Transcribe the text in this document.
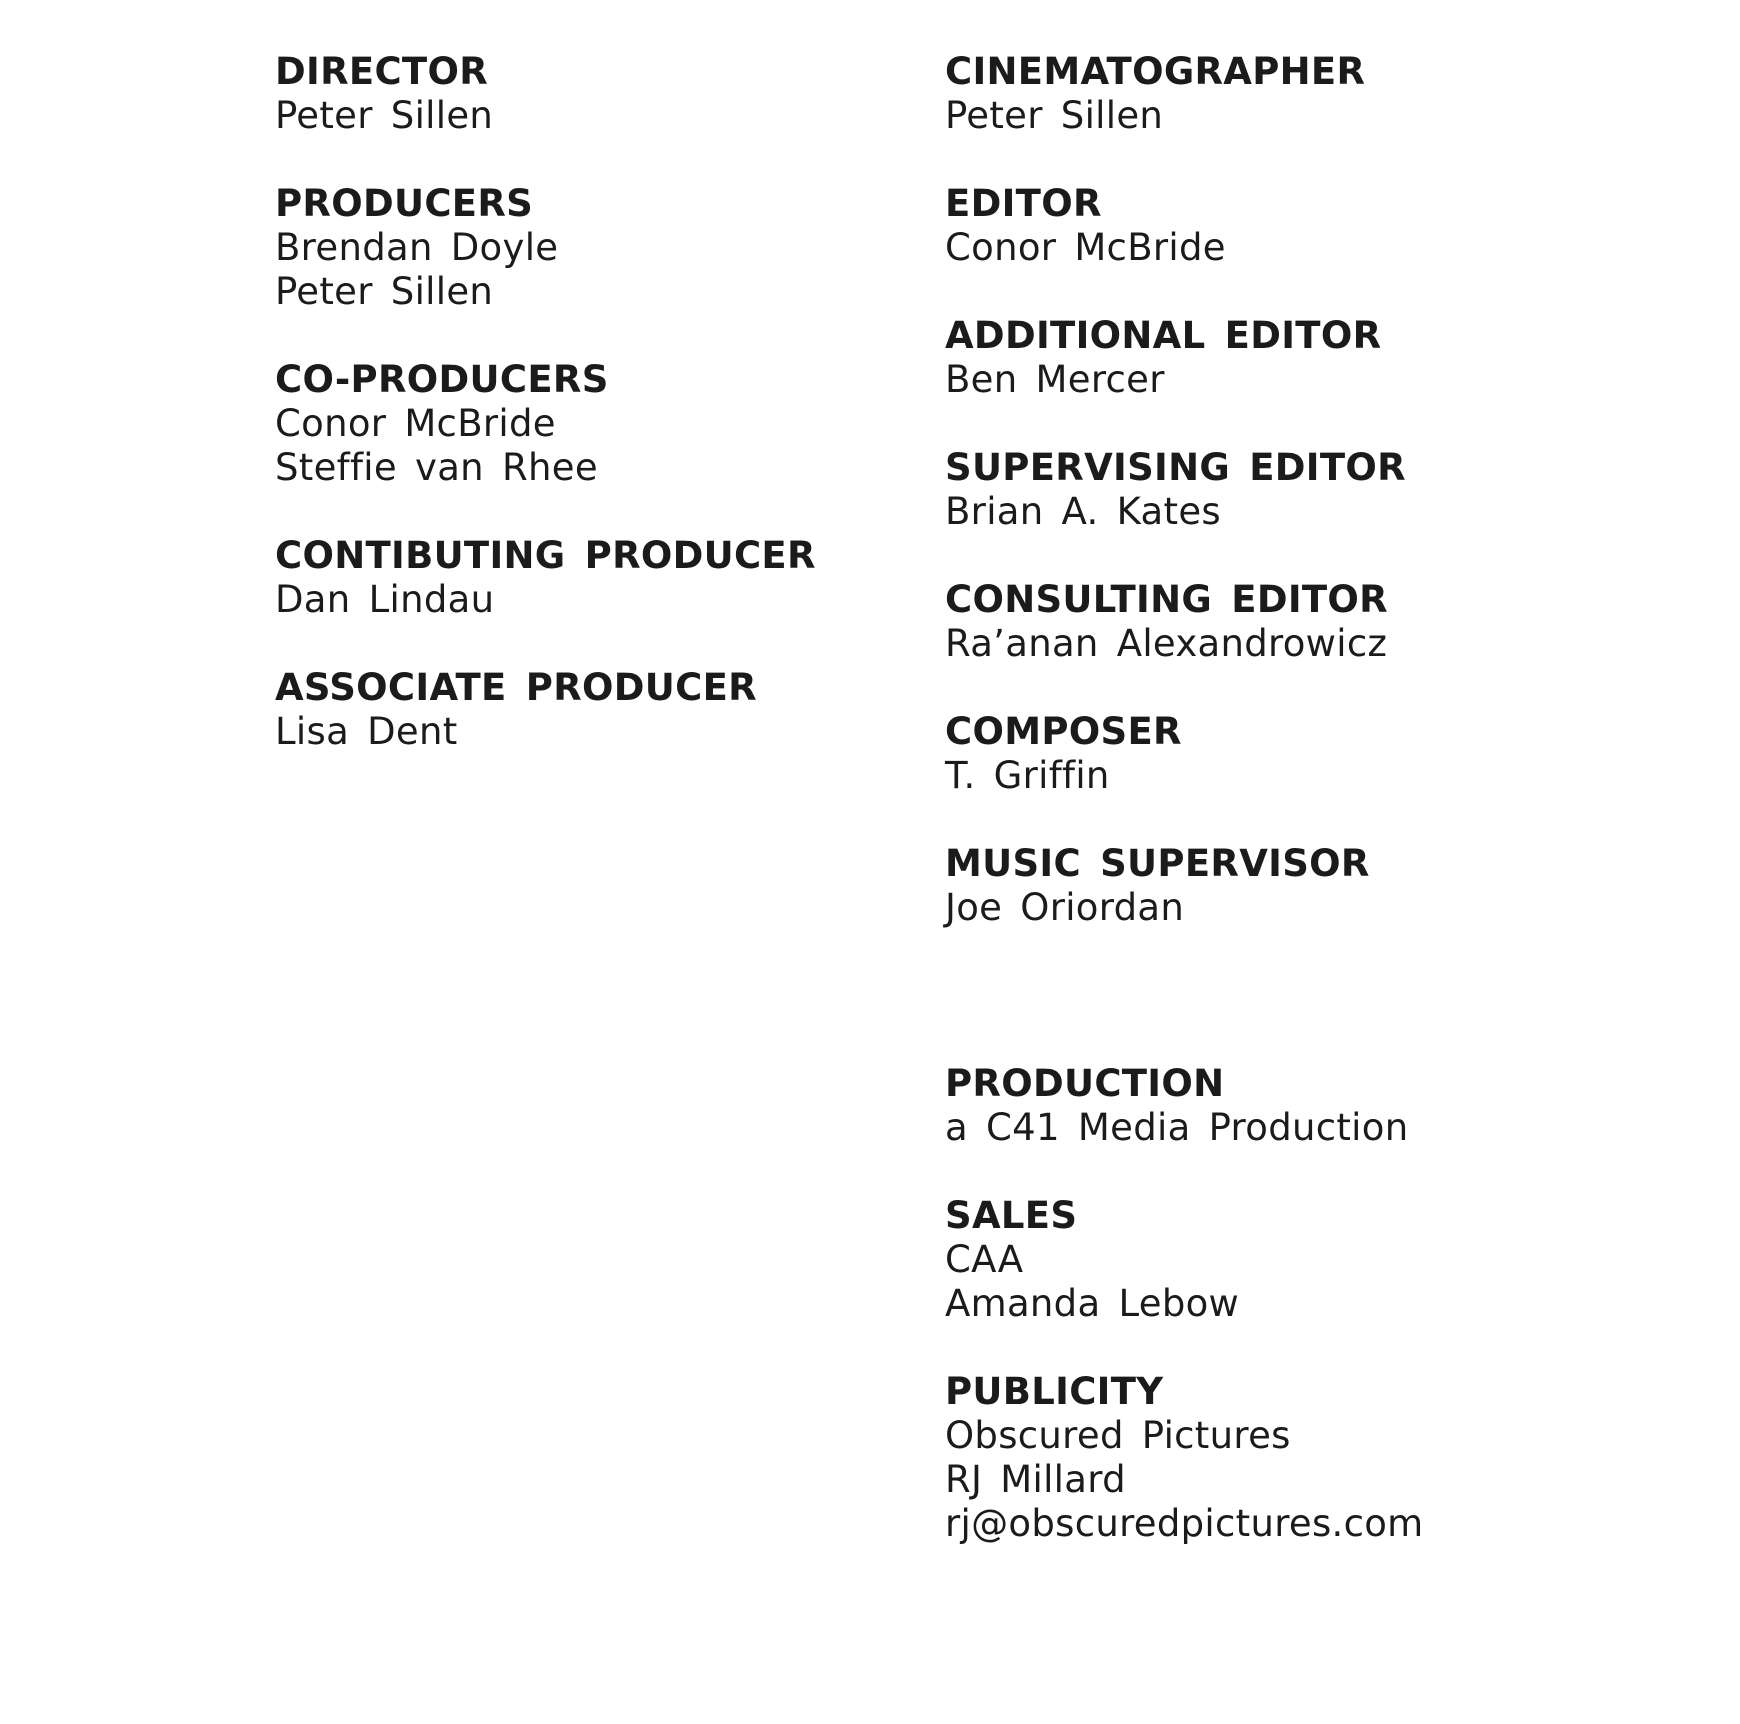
DIRECTOR
Peter Sillen
PRODUCERS
Brendan Doyle
Peter Sillen
CO-PRODUCERS
Conor McBride
Steffie van Rhee
CONTIBUTING PRODUCER
Dan Lindau
ASSOCIATE PRODUCER
Lisa Dent
CINEMATOGRAPHER
Peter Sillen
EDITOR
Conor McBride
ADDITIONAL EDITOR
Ben Mercer
SUPERVISING EDITOR
Brian A. Kates
CONSULTING EDITOR
Ra’anan Alexandrowicz
COMPOSER
T. Griffin
MUSIC SUPERVISOR
Joe Oriordan
PRODUCTION
a C41 Media Production
SALES
CAA
Amanda Lebow
PUBLICITY
Obscured Pictures
RJ Millard
rj@obscuredpictures.com
